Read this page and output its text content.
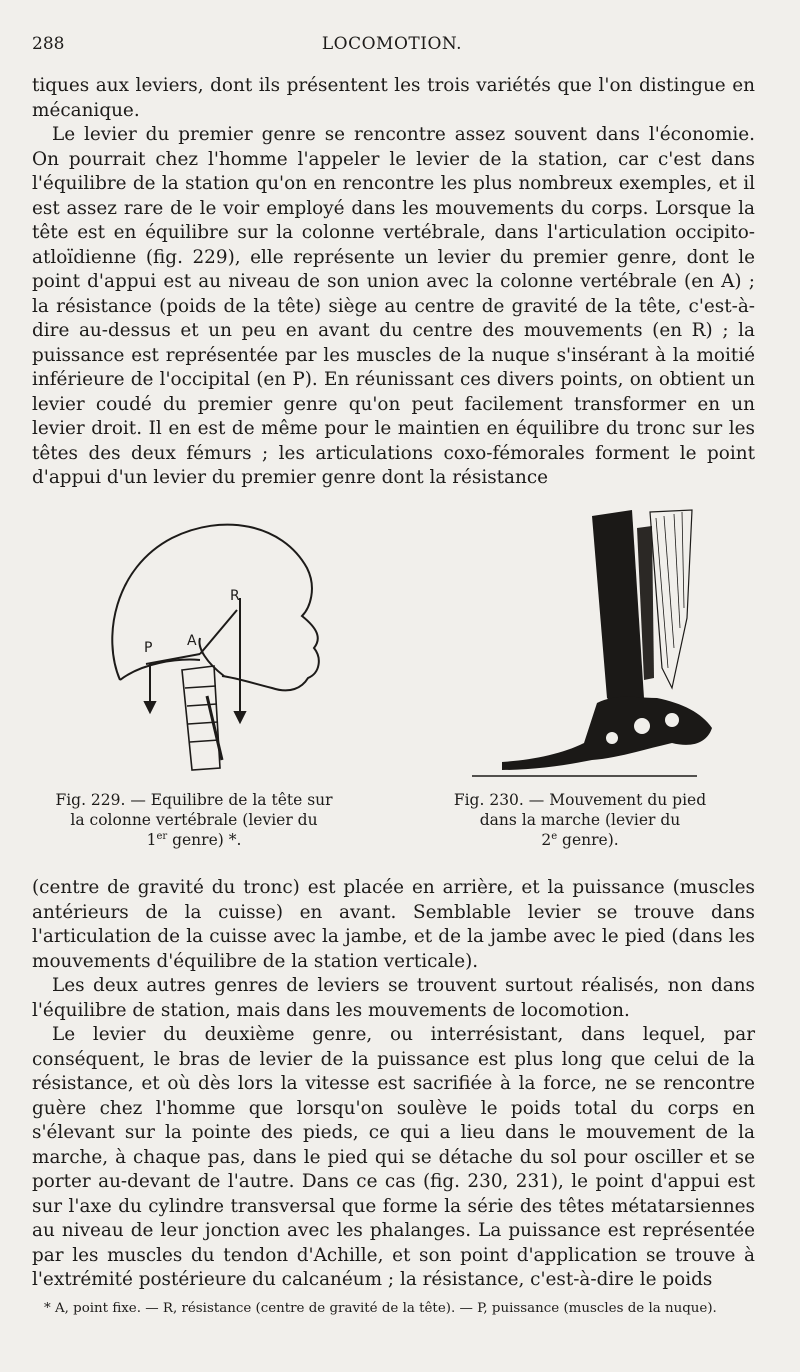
288	LOCOMOTION.

tiques aux leviers, dont ils présentent les trois variétés que l'on distingue en mécanique.

Le levier du premier genre se rencontre assez souvent dans l'économie. On pourrait chez l'homme l'appeler le levier de la station, car c'est dans l'équilibre de la station qu'on en rencontre les plus nombreux exemples, et il est assez rare de le voir employé dans les mouvements du corps. Lorsque la tête est en équilibre sur la colonne vertébrale, dans l'articulation occipito-atloïdienne (fig. 229), elle représente un levier du premier genre, dont le point d'appui est au niveau de son union avec la colonne vertébrale (en A) ; la résistance (poids de la tête) siège au centre de gravité de la tête, c'est-à-dire au-dessus et un peu en avant du centre des mouvements (en R) ; la puissance est représentée par les muscles de la nuque s'insérant à la moitié inférieure de l'occipital (en P). En réunissant ces divers points, on obtient un levier coudé du premier genre qu'on peut facilement transformer en un levier droit. Il en est de même pour le maintien en équilibre du tronc sur les têtes des deux fémurs ; les articulations coxo-fémorales forment le point d'appui d'un levier du premier genre dont la résistance

R
P A
Fig. 229. — Equilibre de la tête sur
la colonne vertébrale (levier du
1er genre) *.
Fig. 230. — Mouvement du pied
dans la marche (levier du
2e genre).

(centre de gravité du tronc) est placée en arrière, et la puissance (muscles antérieurs de la cuisse) en avant. Semblable levier se trouve dans l'articulation de la cuisse avec la jambe, et de la jambe avec le pied (dans les mouvements d'équilibre de la station verticale).

Les deux autres genres de leviers se trouvent surtout réalisés, non dans l'équilibre de station, mais dans les mouvements de locomotion.

Le levier du deuxième genre, ou interrésistant, dans lequel, par conséquent, le bras de levier de la puissance est plus long que celui de la résistance, et où dès lors la vitesse est sacrifiée à la force, ne se rencontre guère chez l'homme que lorsqu'on soulève le poids total du corps en s'élevant sur la pointe des pieds, ce qui a lieu dans le mouvement de la marche, à chaque pas, dans le pied qui se détache du sol pour osciller et se porter au-devant de l'autre. Dans ce cas (fig. 230, 231), le point d'appui est sur l'axe du cylindre transversal que forme la série des têtes métatarsiennes au niveau de leur jonction avec les phalanges. La puissance est représentée par les muscles du tendon d'Achille, et son point d'application se trouve à l'extrémité postérieure du calcanéum ; la résistance, c'est-à-dire le poids

* A, point fixe. — R, résistance (centre de gravité de la tête). — P, puissance (muscles de la nuque).
